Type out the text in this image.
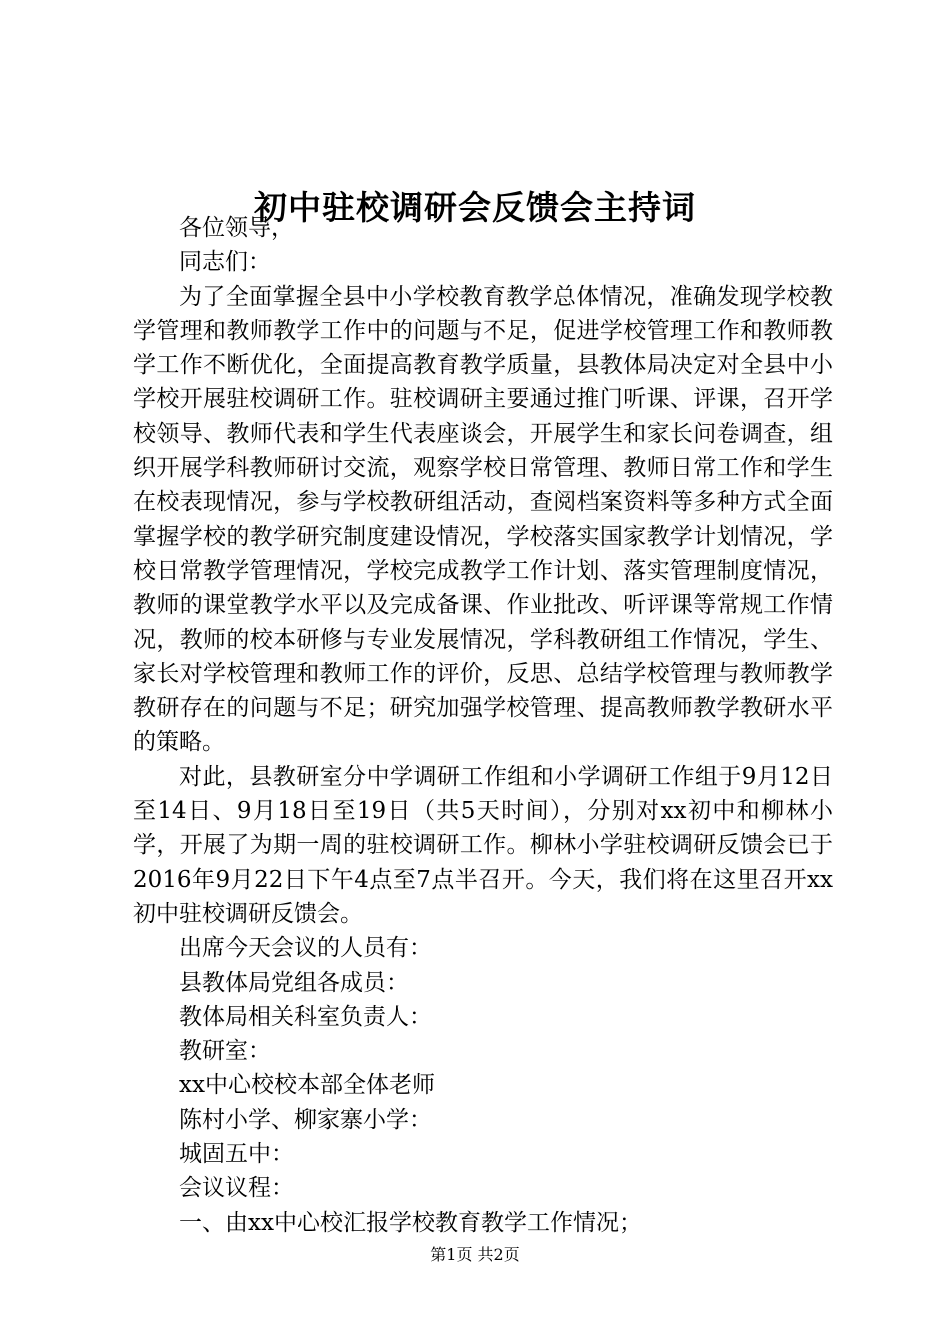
初中驻校调研会反馈会主持词

各位领导，

同志们：

为了全面掌握全县中小学校教育教学总体情况，准确发现学校教学管理和教师教学工作中的问题与不足，促进学校管理工作和教师教学工作不断优化，全面提高教育教学质量，县教体局决定对全县中小学校开展驻校调研工作。驻校调研主要通过推门听课、评课，召开学校领导、教师代表和学生代表座谈会，开展学生和家长问卷调查，组织开展学科教师研讨交流，观察学校日常管理、教师日常工作和学生在校表现情况，参与学校教研组活动，查阅档案资料等多种方式全面掌握学校的教学研究制度建设情况，学校落实国家教学计划情况，学校日常教学管理情况，学校完成教学工作计划、落实管理制度情况，教师的课堂教学水平以及完成备课、作业批改、听评课等常规工作情况，教师的校本研修与专业发展情况，学科教研组工作情况，学生、家长对学校管理和教师工作的评价，反思、总结学校管理与教师教学教研存在的问题与不足；研究加强学校管理、提高教师教学教研水平的策略。

对此，县教研室分中学调研工作组和小学调研工作组于9月12日至14日、9月18日至19日（共5天时间），分别对xx初中和柳林小学，开展了为期一周的驻校调研工作。柳林小学驻校调研反馈会已于2016年9月22日下午4点至7点半召开。今天，我们将在这里召开xx初中驻校调研反馈会。

出席今天会议的人员有：

县教体局党组各成员：

教体局相关科室负责人：

教研室：

xx中心校校本部全体老师

陈村小学、柳家寨小学：

城固五中：

会议议程：

一、由xx中心校汇报学校教育教学工作情况；

第1页 共2页
